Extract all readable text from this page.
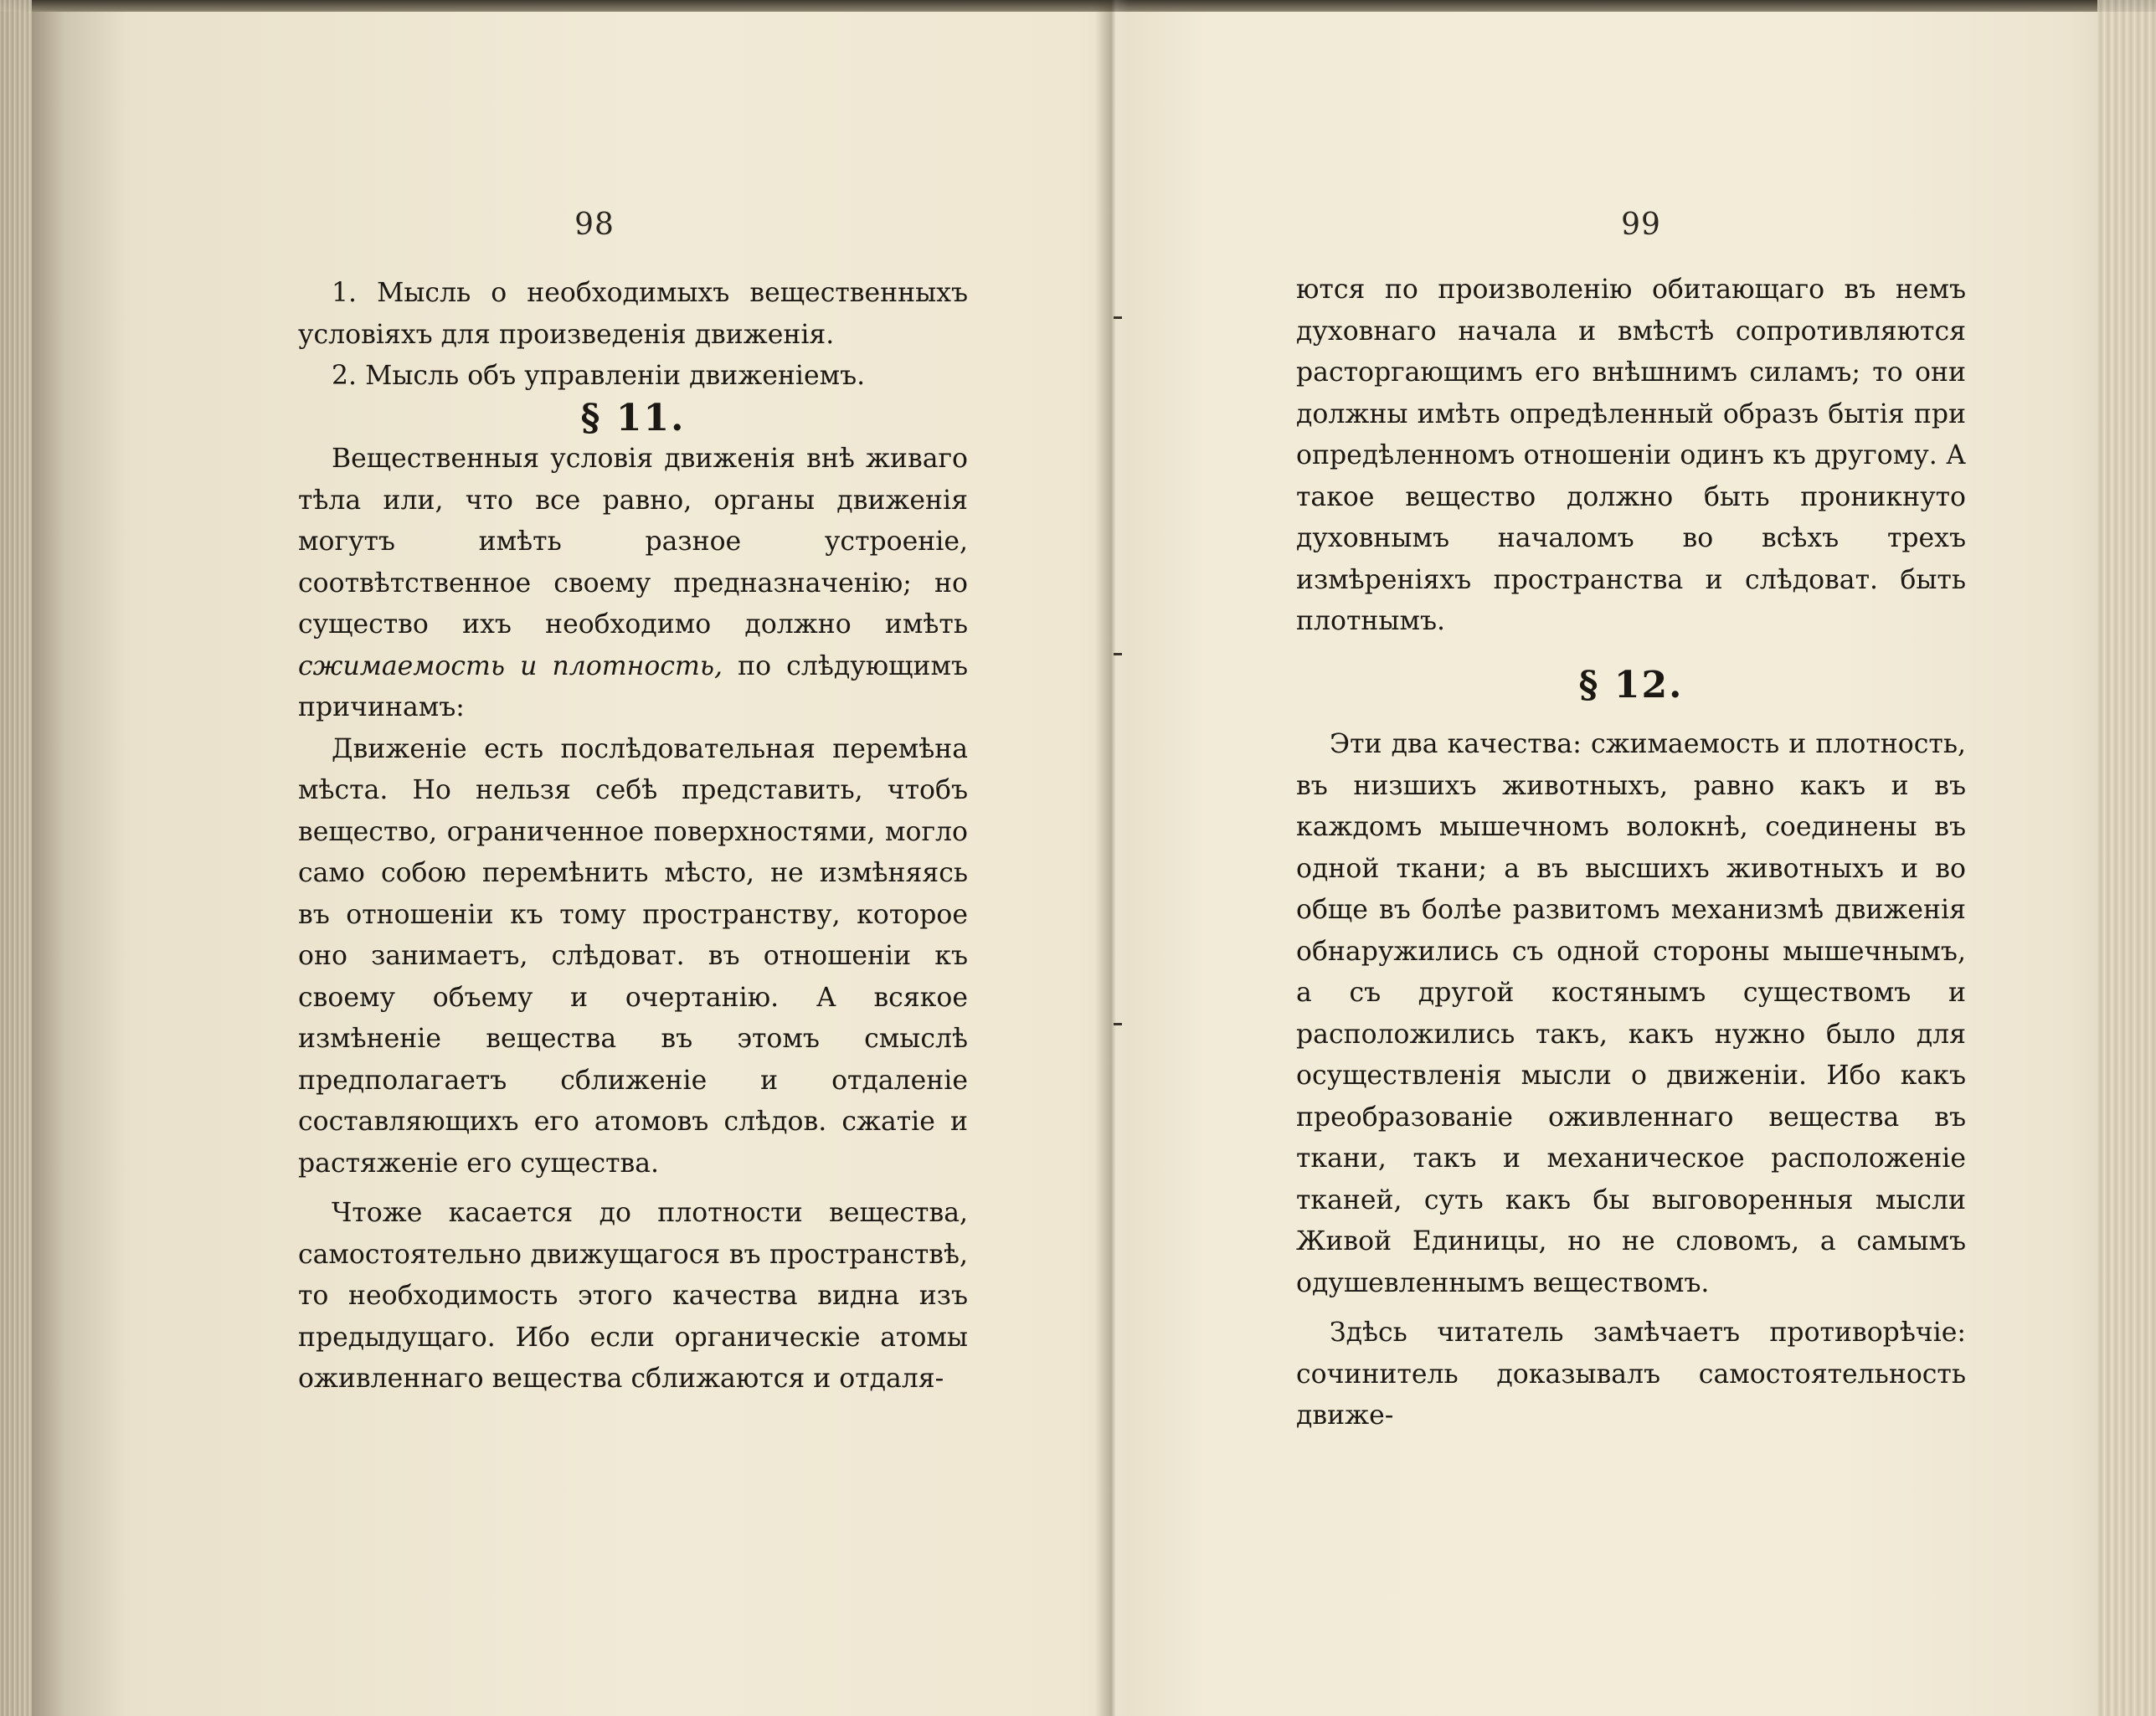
98

1. Мысль о необходимыхъ вещественныхъ условіяхъ для произведенія движенія.

2. Мысль объ управленіи движеніемъ.

§ 11.

Вещественныя условія движенія внѣ живаго тѣла или, что все равно, органы движенія могутъ имѣть разное устроеніе, соотвѣтственное своему предназначенію; но существо ихъ необходимо должно имѣть сжимаемость и плотность, по слѣдующимъ причинамъ:

Движеніе есть послѣдовательная перемѣна мѣста. Но нельзя себѣ представить, чтобъ вещество, ограниченное поверхностями, могло само собою перемѣнить мѣсто, не измѣняясь въ отношеніи къ тому пространству, которое оно занимаетъ, слѣдоват. въ отношеніи къ своему объему и очертанію. А всякое измѣненіе вещества въ этомъ смыслѣ предполагаетъ сближеніе и отдаленіе составляющихъ его атомовъ слѣдов. сжатіе и растяженіе его существа.

Чтоже касается до плотности вещества, самостоятельно движущагося въ пространствѣ, то необходимость этого качества видна изъ предыдущаго. Ибо если органическіе атомы оживленнаго вещества сближаются и отдаля-

99

ются по произволенію обитающаго въ немъ духовнаго начала и вмѣстѣ сопротивляются расторгающимъ его внѣшнимъ силамъ; то они должны имѣть опредѣленный образъ бытія при опредѣленномъ отношеніи одинъ къ другому. А такое вещество должно быть проникнуто духовнымъ началомъ во всѣхъ трехъ измѣреніяхъ пространства и слѣдоват. быть плотнымъ.

§ 12.

Эти два качества: сжимаемость и плотность, въ низшихъ животныхъ, равно какъ и въ каждомъ мышечномъ волокнѣ, соединены въ одной ткани; а въ высшихъ животныхъ и во обще въ болѣе развитомъ механизмѣ движенія обнаружились съ одной стороны мышечнымъ, а съ другой костянымъ существомъ и расположились такъ, какъ нужно было для осуществленія мысли о движеніи. Ибо какъ преобразованіе оживленнаго вещества въ ткани, такъ и механическое расположеніе тканей, суть какъ бы выговоренныя мысли Живой Единицы, но не словомъ, а самымъ одушевленнымъ веществомъ.

Здѣсь читатель замѣчаетъ противорѣчіе: сочинитель доказывалъ самостоятельность движе-
